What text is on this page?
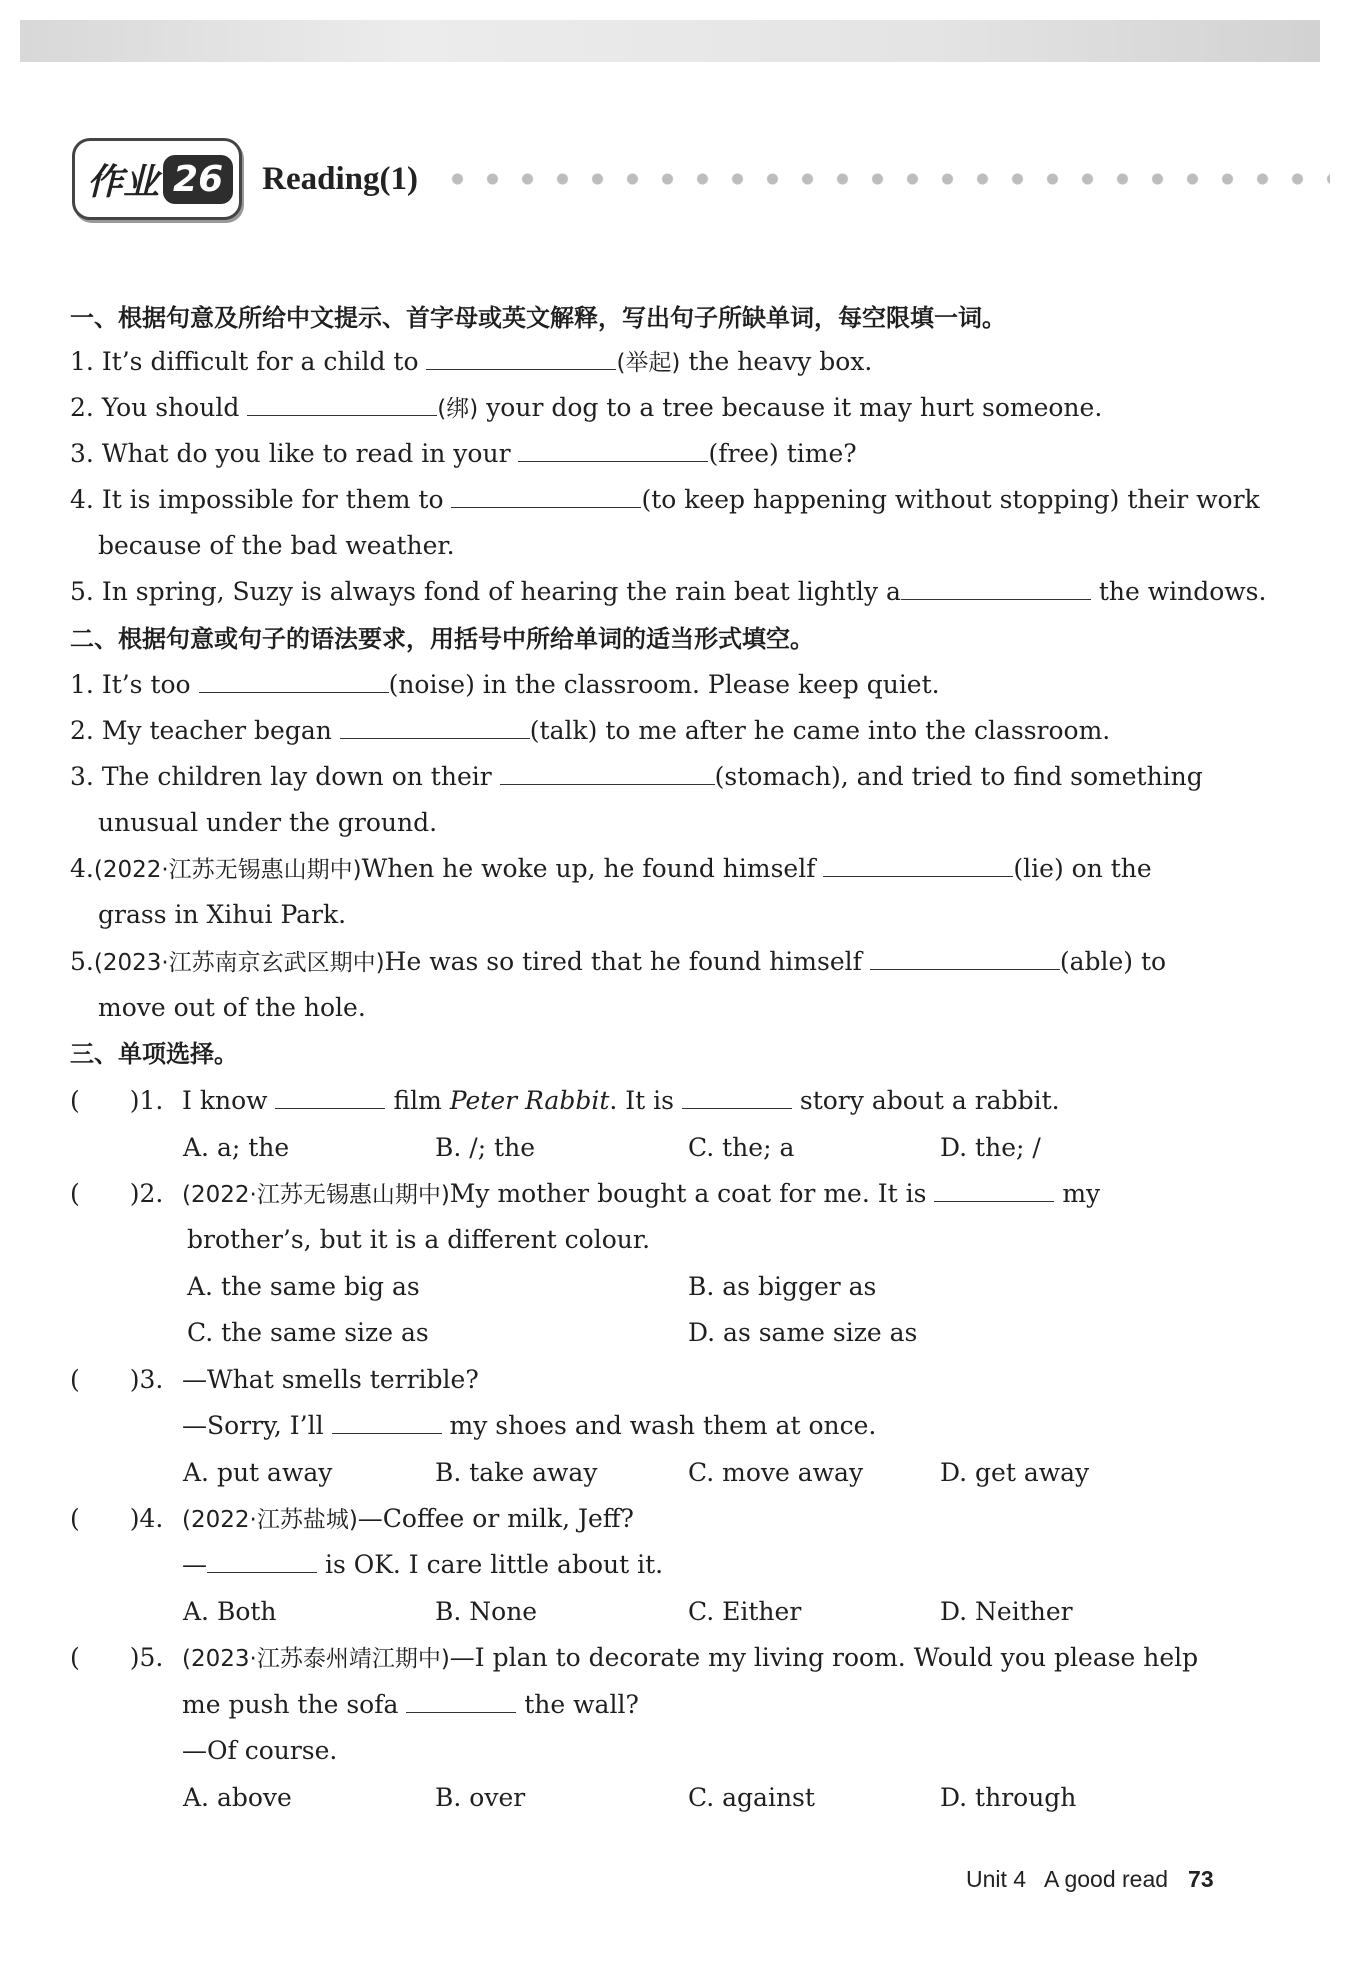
作业 26	Reading(1)
一、根据句意及所给中文提示、首字母或英文解释，写出句子所缺单词，每空限填一词。
1. It’s difficult for a child to	(举起) the heavy box.
2. You should	(绑) your dog to a tree because it may hurt someone.
3. What do you like to read in your	(free) time?
4. It is impossible for them to	(to keep happening without stopping) their work
because of the bad weather.
5. In spring, Suzy is always fond of hearing the rain beat lightly a	the windows.
二、根据句意或句子的语法要求，用括号中所给单词的适当形式填空。
1. It’s too	(noise) in the classroom. Please keep quiet.
2. My teacher began	(talk) to me after he came into the classroom.
3. The children lay down on their	(stomach), and tried to find something
unusual under the ground.
4.(2022·江苏无锡惠山期中)When he woke up, he found himself	(lie) on the
grass in Xihui Park.
5.(2023·江苏南京玄武区期中)He was so tired that he found himself	(able) to
move out of the hole.
三、单项选择。
( )1. I know	film Peter Rabbit. It is	story about a rabbit.
A. a; the	B. /; the	C. the; a	D. the; /
( )2. (2022·江苏无锡惠山期中)My mother bought a coat for me. It is	my
brother’s, but it is a different colour.
A. the same big as	B. as bigger as
C. the same size as	D. as same size as
( )3. —What smells terrible?
—Sorry, I’ll	my shoes and wash them at once.
A. put away	B. take away	C. move away	D. get away
( )4. (2022·江苏盐城)—Coffee or milk, Jeff?
—	is OK. I care little about it.
A. Both	B. None	C. Either	D. Neither
( )5. (2023·江苏泰州靖江期中)—I plan to decorate my living room. Would you please help
me push the sofa	the wall?
—Of course.
A. above	B. over	C. against	D. through
Unit 4   A good read 73
